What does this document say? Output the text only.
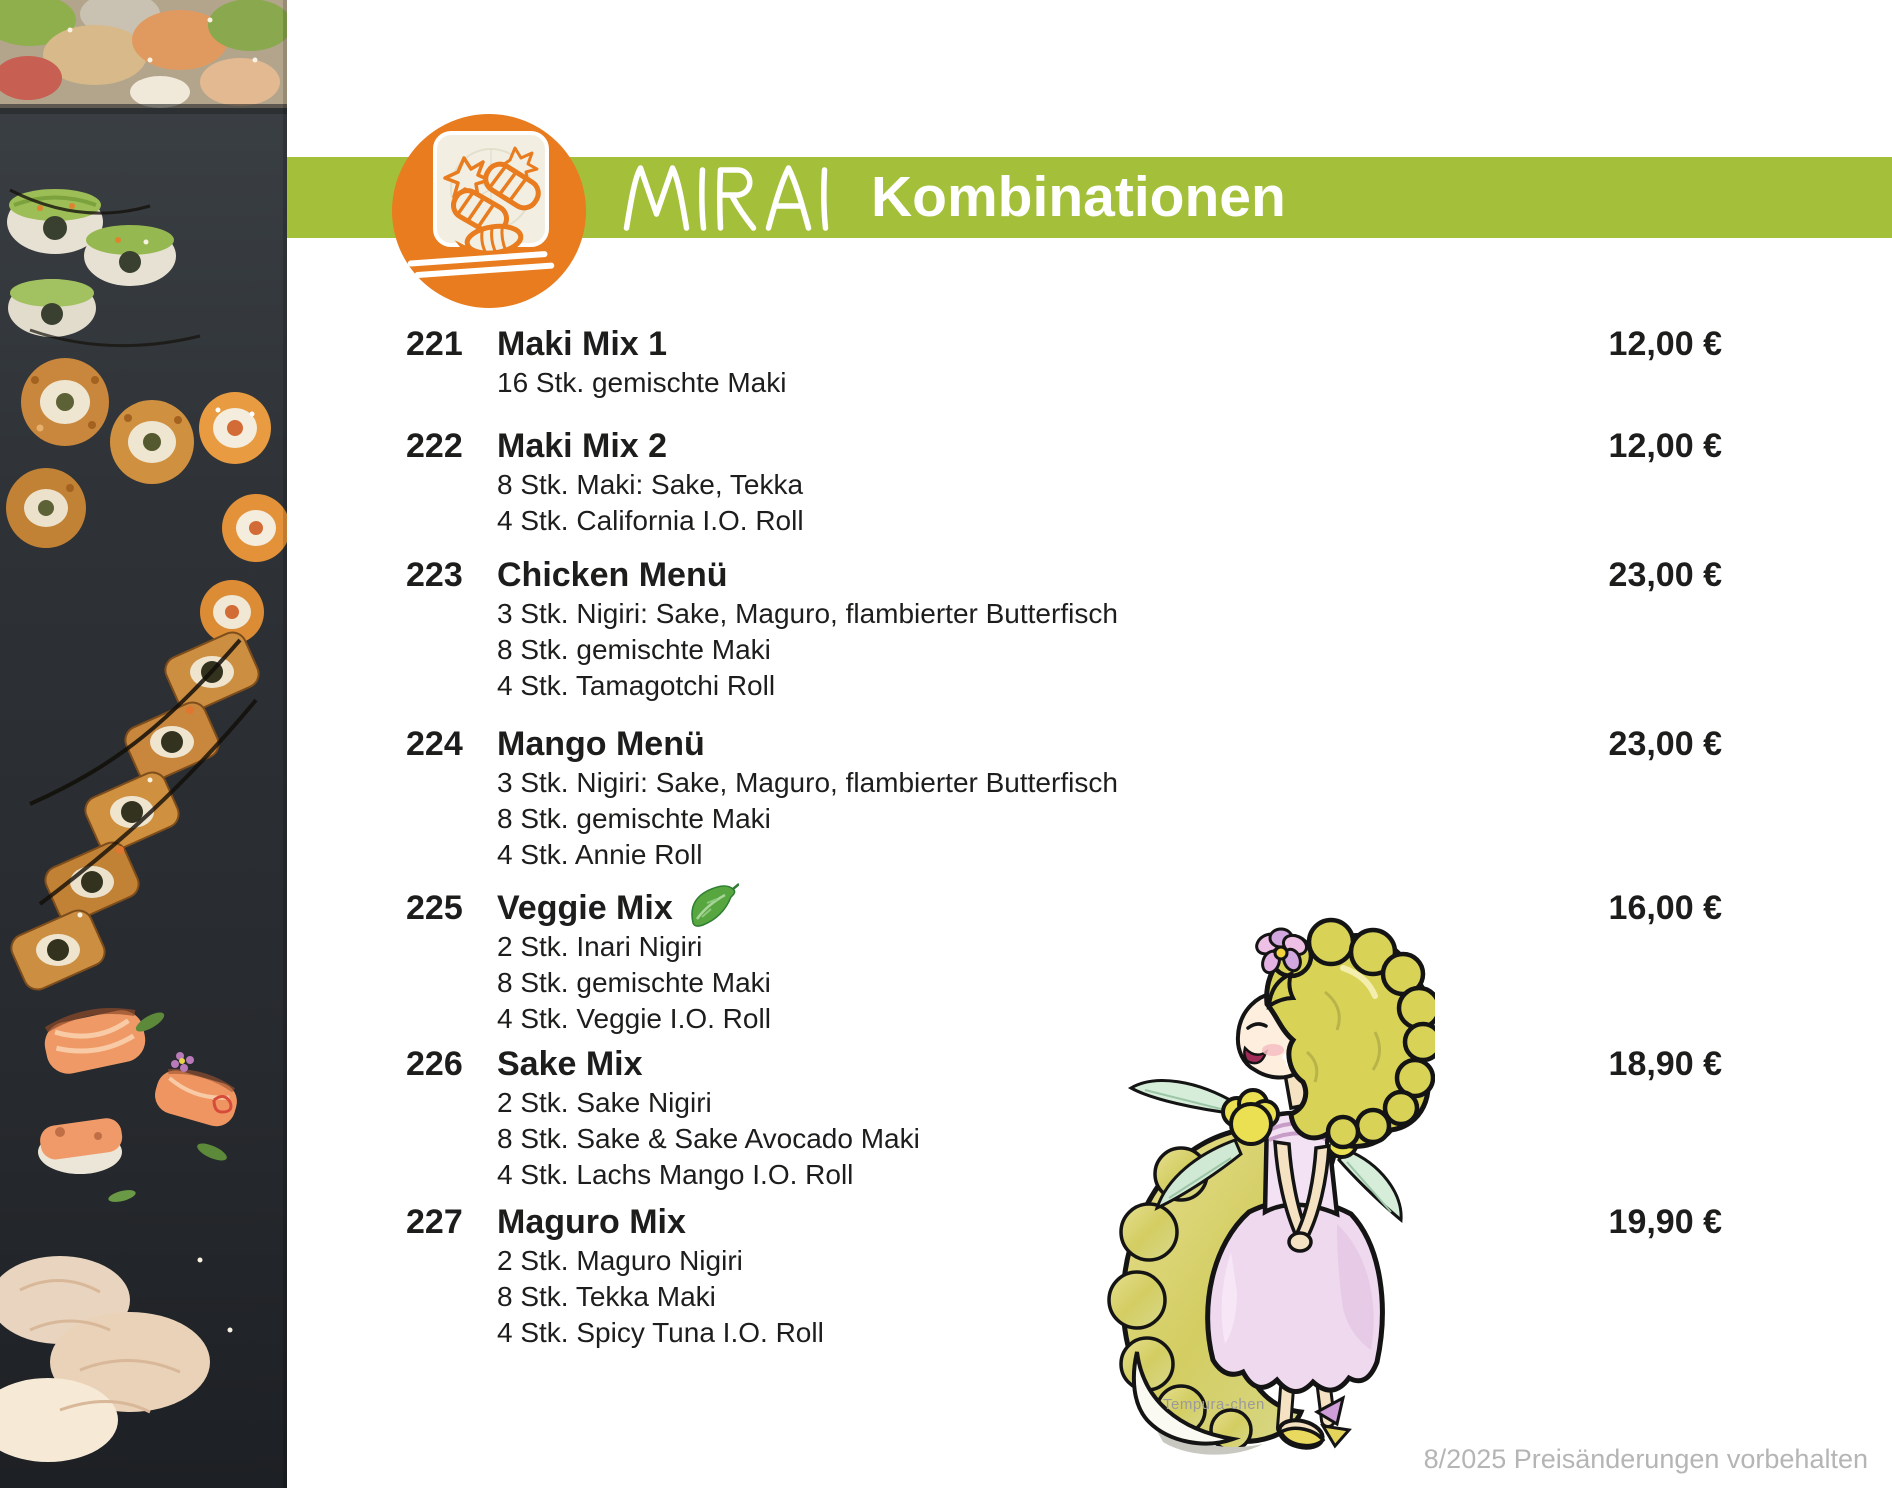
Kombinationen
221	Maki Mix 1
16 Stk. gemischte Maki
12,00 €
222	Maki Mix 2
8 Stk. Maki: Sake, Tekka
4 Stk. California I.O. Roll
12,00 €
223	Chicken Menü
3 Stk. Nigiri: Sake, Maguro, flambierter Butterfisch
8 Stk. gemischte Maki
4 Stk. Tamagotchi Roll
23,00 €
224	Mango Menü
3 Stk. Nigiri: Sake, Maguro, flambierter Butterfisch
8 Stk. gemischte Maki
4 Stk. Annie Roll
23,00 €
225	Veggie Mix
2 Stk. Inari Nigiri
8 Stk. gemischte Maki
4 Stk. Veggie I.O. Roll
16,00 €
226	Sake Mix
2 Stk. Sake Nigiri
8 Stk. Sake & Sake Avocado Maki
4 Stk. Lachs Mango I.O. Roll
18,90 €
227	Maguro Mix
2 Stk. Maguro Nigiri
8 Stk. Tekka Maki
4 Stk. Spicy Tuna I.O. Roll
19,90 €
Tempura-chen
8/2025 Preisänderungen vorbehalten
